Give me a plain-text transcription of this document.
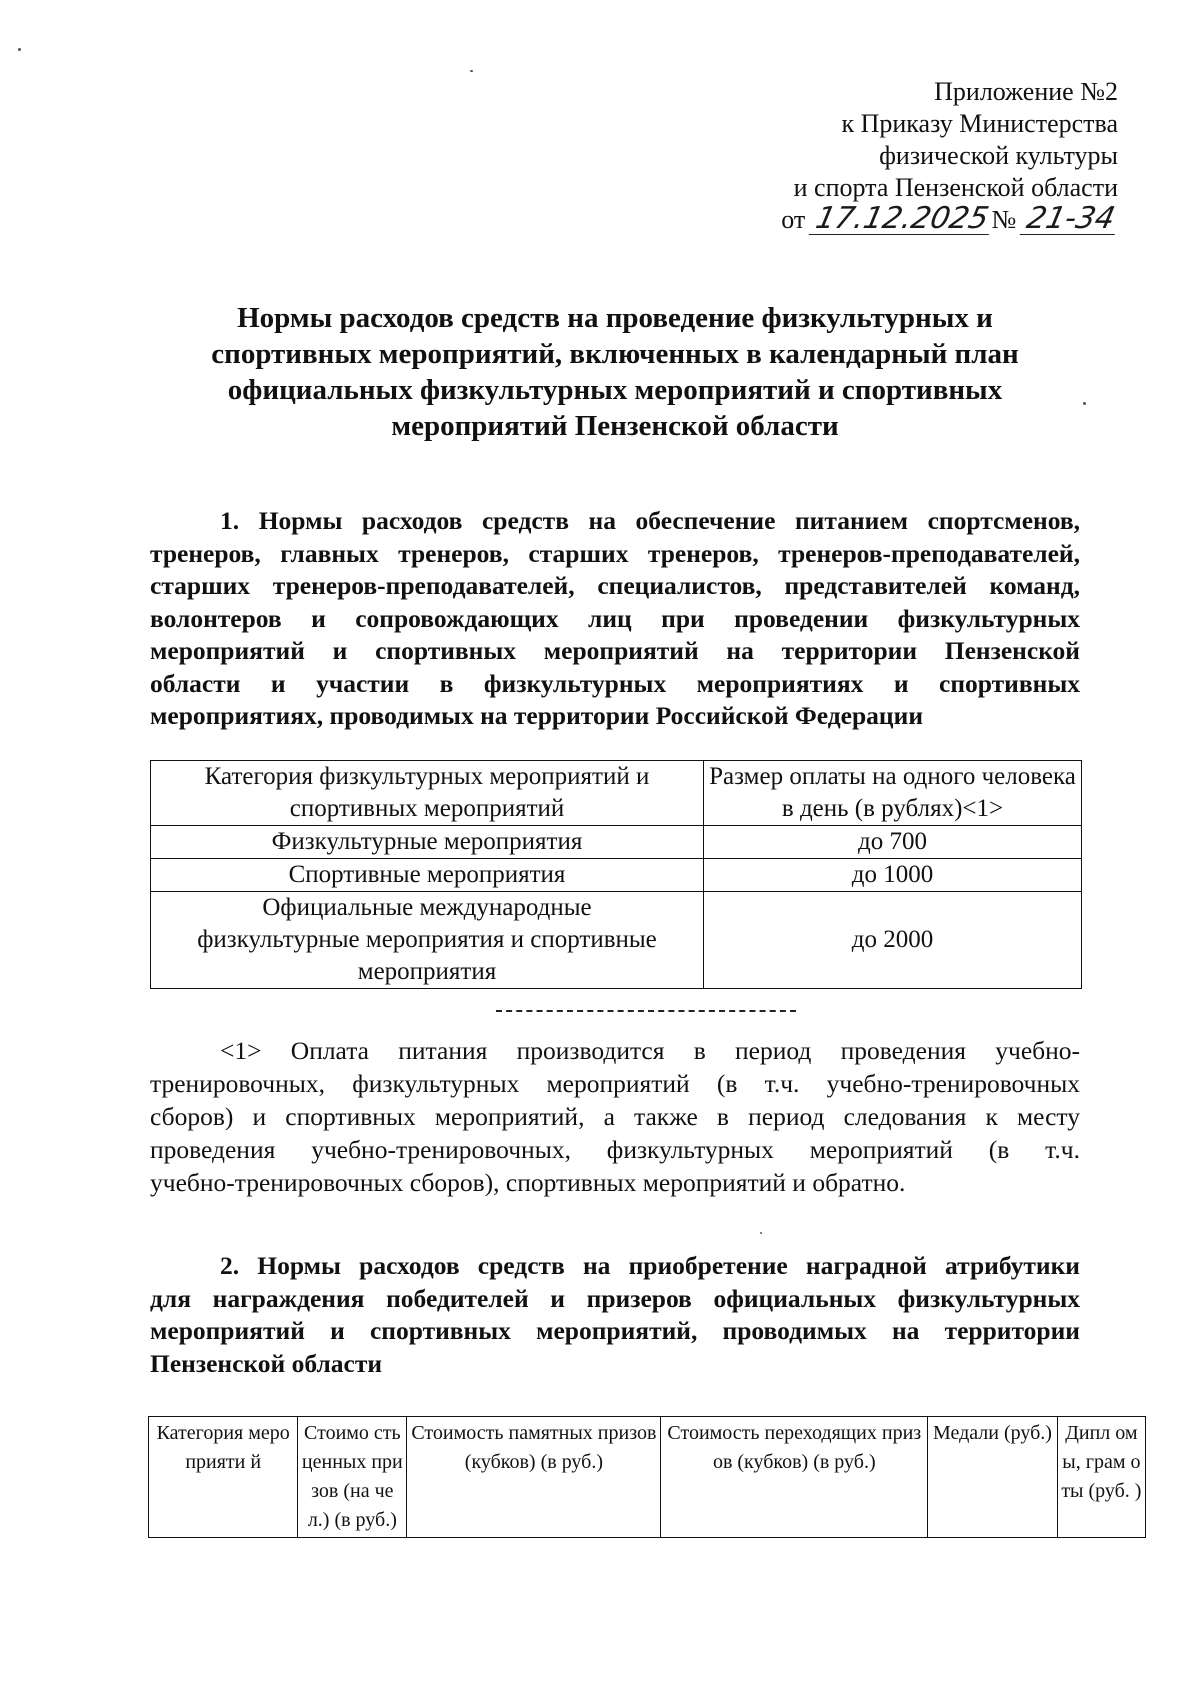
Приложение №2
к Приказу Министерства
физической культуры
и спорта Пензенской области
от 17.12.2025№ 21-34
Нормы расходов средств на проведение физкультурных и
спортивных мероприятий, включенных в календарный план
официальных физкультурных мероприятий и спортивных
мероприятий Пензенской области
1. Нормы расходов средств на обеспечение питанием спортсменов,
тренеров, главных тренеров, старших тренеров, тренеров-преподавателей,
старших тренеров-преподавателей, специалистов, представителей команд,
волонтеров и сопровождающих лиц при проведении физкультурных
мероприятий и спортивных мероприятий на территории Пензенской
области и участии в физкультурных мероприятиях и спортивных
мероприятиях, проводимых на территории Российской Федерации
Категория физкультурных мероприятий и
спортивных мероприятий	Размер оплаты на одного человека
в день (в рублях)<1>
Физкультурные мероприятия	до 700
Спортивные мероприятия	до 1000
Официальные международные
физкультурные мероприятия и спортивные
мероприятия	до 2000
<1> Оплата питания производится в период проведения учебно-
тренировочных, физкультурных мероприятий (в т.ч. учебно-тренировочных
сборов) и спортивных мероприятий, а также в период следования к месту
проведения учебно-тренировочных, физкультурных мероприятий (в т.ч.
учебно-тренировочных сборов), спортивных мероприятий и обратно.
2. Нормы расходов средств на приобретение наградной атрибутики
для награждения победителей и призеров официальных физкультурных
мероприятий и спортивных мероприятий, проводимых на территории
Пензенской области
Категория мероприяти й	Стоимо сть ценных призов (на чел.) (в руб.)	Стоимость памятных призов (кубков) (в руб.)	Стоимость переходящих призов (кубков) (в руб.)	Медали (руб.)	Дипл омы, грам оты (руб. )
